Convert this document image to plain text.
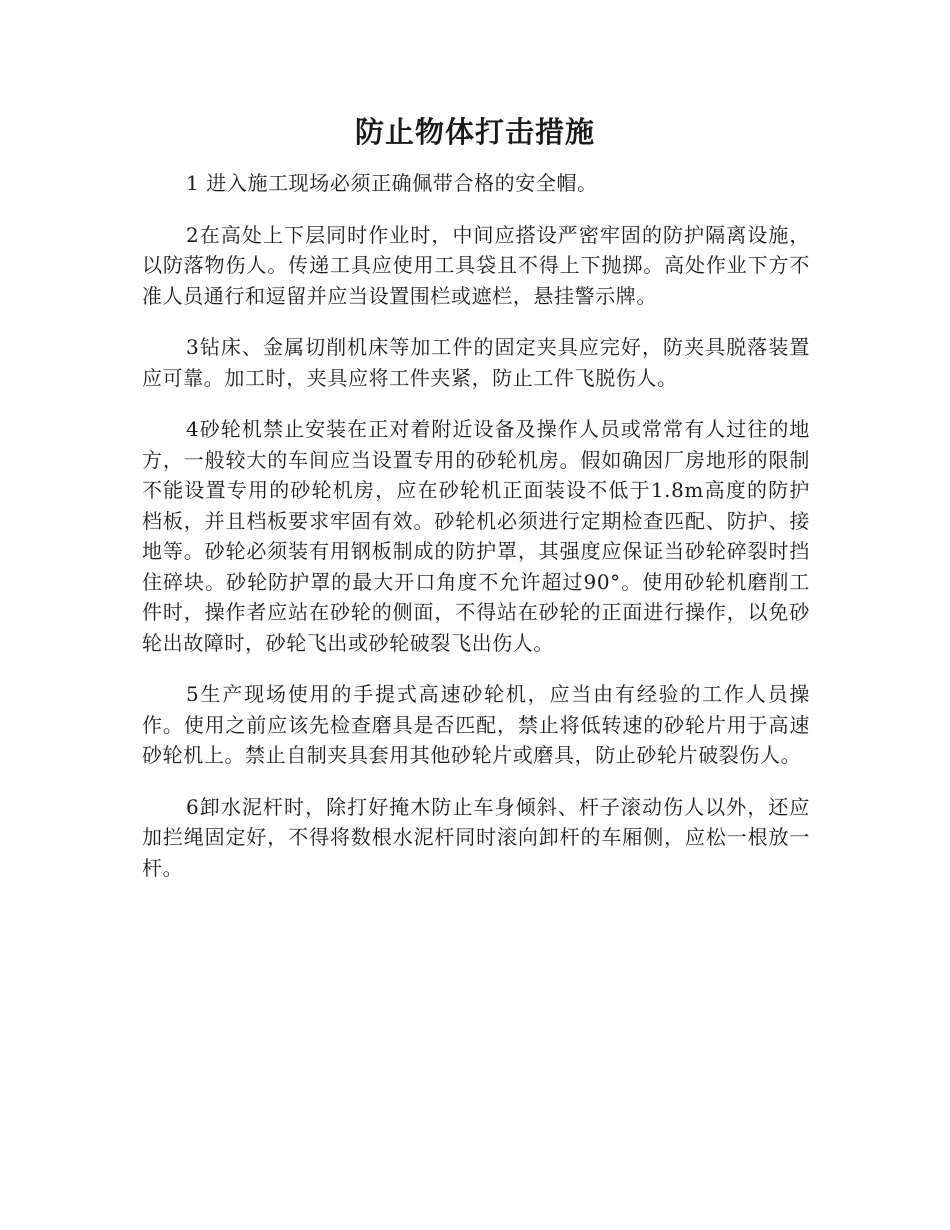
防止物体打击措施

1 进入施工现场必须正确佩带合格的安全帽。

2在高处上下层同时作业时，中间应搭设严密牢固的防护隔离设施，以防落物伤人。传递工具应使用工具袋且不得上下抛掷。高处作业下方不准人员通行和逗留并应当设置围栏或遮栏，悬挂警示牌。

3钻床、金属切削机床等加工件的固定夹具应完好，防夹具脱落装置应可靠。加工时，夹具应将工件夹紧，防止工件飞脱伤人。

4砂轮机禁止安装在正对着附近设备及操作人员或常常有人过往的地方，一般较大的车间应当设置专用的砂轮机房。假如确因厂房地形的限制不能设置专用的砂轮机房，应在砂轮机正面装设不低于1.8m高度的防护档板，并且档板要求牢固有效。砂轮机必须进行定期检查匹配、防护、接地等。砂轮必须装有用钢板制成的防护罩，其强度应保证当砂轮碎裂时挡住碎块。砂轮防护罩的最大开口角度不允许超过90°。使用砂轮机磨削工件时，操作者应站在砂轮的侧面，不得站在砂轮的正面进行操作，以免砂轮出故障时，砂轮飞出或砂轮破裂飞出伤人。

5生产现场使用的手提式高速砂轮机，应当由有经验的工作人员操作。使用之前应该先检查磨具是否匹配，禁止将低转速的砂轮片用于高速砂轮机上。禁止自制夹具套用其他砂轮片或磨具，防止砂轮片破裂伤人。

6卸水泥杆时，除打好掩木防止车身倾斜、杆子滚动伤人以外，还应加拦绳固定好，不得将数根水泥杆同时滚向卸杆的车厢侧，应松一根放一杆。
